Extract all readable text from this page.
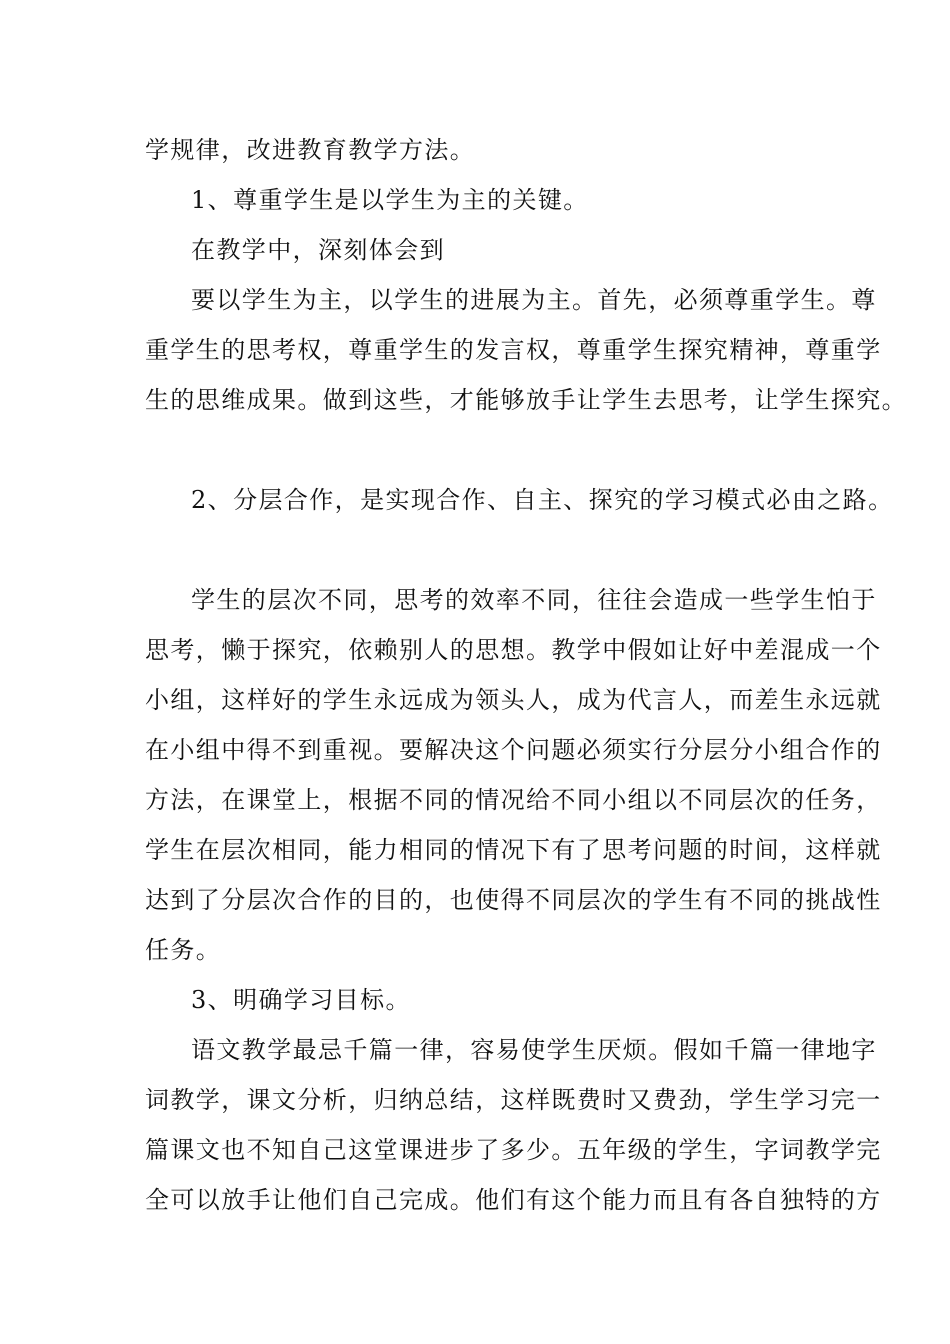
学规律，改进教育教学方法。
1、尊重学生是以学生为主的关键。
在教学中，深刻体会到
要以学生为主，以学生的进展为主。首先，必须尊重学生。尊
重学生的思考权，尊重学生的发言权，尊重学生探究精神，尊重学
生的思维成果。做到这些，才能够放手让学生去思考，让学生探究。
2、分层合作，是实现合作、自主、探究的学习模式必由之路。
学生的层次不同，思考的效率不同，往往会造成一些学生怕于
思考，懒于探究，依赖别人的思想。教学中假如让好中差混成一个
小组，这样好的学生永远成为领头人，成为代言人，而差生永远就
在小组中得不到重视。要解决这个问题必须实行分层分小组合作的
方法，在课堂上，根据不同的情况给不同小组以不同层次的任务，
学生在层次相同，能力相同的情况下有了思考问题的时间，这样就
达到了分层次合作的目的，也使得不同层次的学生有不同的挑战性
任务。
3、明确学习目标。
语文教学最忌千篇一律，容易使学生厌烦。假如千篇一律地字
词教学，课文分析，归纳总结，这样既费时又费劲，学生学习完一
篇课文也不知自己这堂课进步了多少。五年级的学生，字词教学完
全可以放手让他们自己完成。他们有这个能力而且有各自独特的方
